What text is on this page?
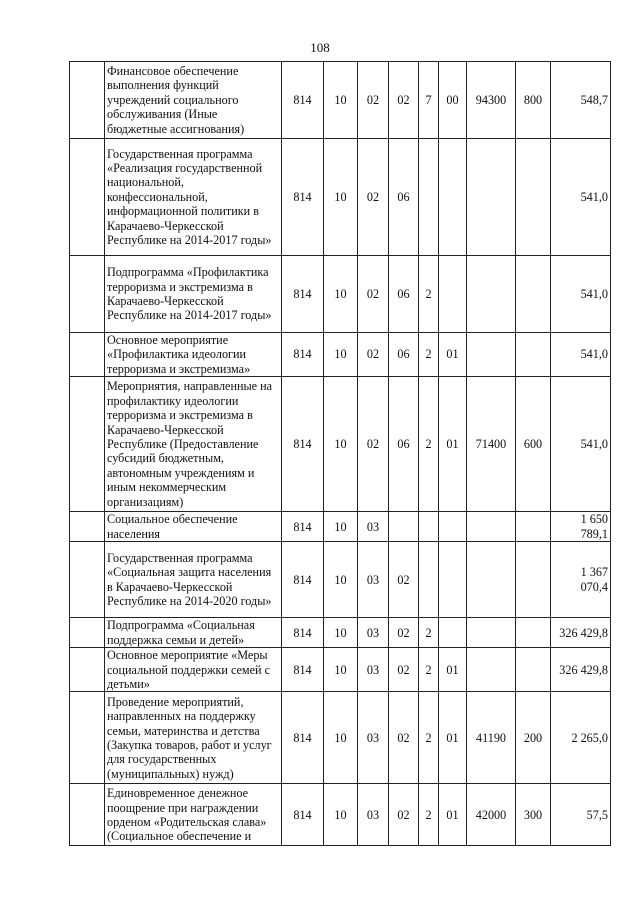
108
	Финансовое обеспечение выполнения функций учреждений социального обслуживания (Иные бюджетные ассигнования)	814	10	02	02	7	00	94300	800	548,7
	Государственная программа «Реализация государственной национальной, конфессиональной, информационной политики в Карачаево-Черкесской Республике на 2014-2017 годы»	814	10	02	06					541,0
	Подпрограмма «Профилактика терроризма и экстремизма в Карачаево-Черкесской Республике на 2014-2017 годы»	814	10	02	06	2				541,0
	Основное мероприятие «Профилактика идеологии терроризма и экстремизма»	814	10	02	06	2	01			541,0
	Мероприятия, направленные на профилактику идеологии терроризма и экстремизма в Карачаево-Черкесской Республике (Предоставление субсидий бюджетным, автономным учреждениям и иным некоммерческим организациям)	814	10	02	06	2	01	71400	600	541,0
	Социальное обеспечение населения	814	10	03						1 650 789,1
	Государственная программа «Социальная защита населения в Карачаево-Черкесской Республике на 2014-2020 годы»	814	10	03	02					1 367 070,4
	Подпрограмма «Социальная поддержка семьи и детей»	814	10	03	02	2				326 429,8
	Основное мероприятие «Меры социальной поддержки семей с детьми»	814	10	03	02	2	01			326 429,8
	Проведение мероприятий, направленных на поддержку семьи, материнства и детства (Закупка товаров, работ и услуг для государственных (муниципальных) нужд)	814	10	03	02	2	01	41190	200	2 265,0
	Единовременное денежное поощрение при награждении орденом «Родительская слава» (Социальное обеспечение и	814	10	03	02	2	01	42000	300	57,5
